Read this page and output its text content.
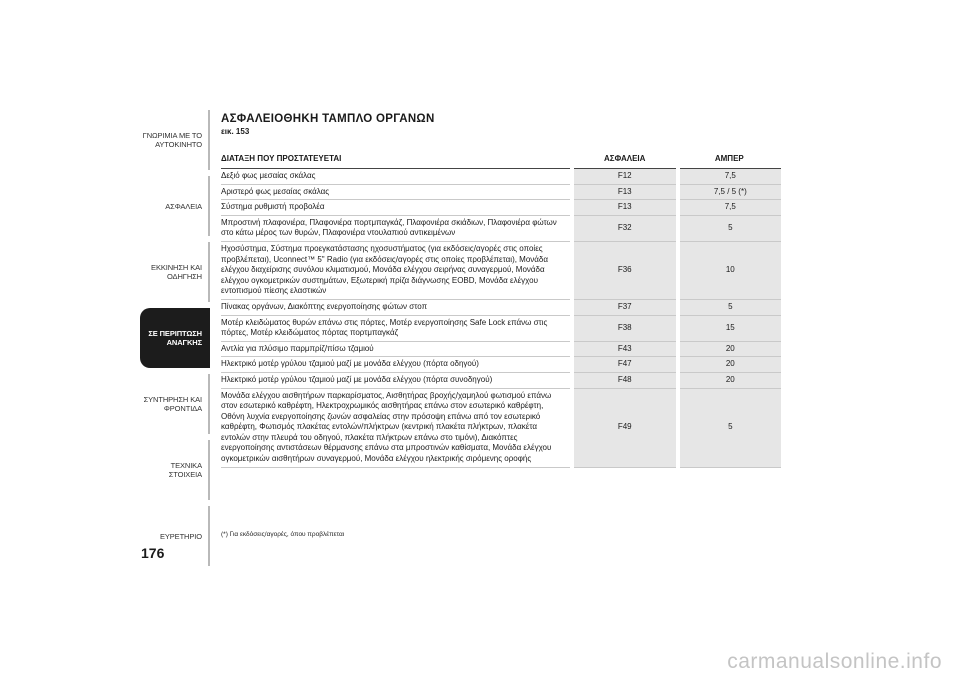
ΓΝΩΡΙΜΙΑ ΜΕ ΤΟ ΑΥΤΟΚΙΝΗΤΟ
ΑΣΦΑΛΕΙΑ
ΕΚΚΙΝΗΣΗ ΚΑΙ ΟΔΗΓΗΣΗ
ΣΕ ΠΕΡΙΠΤΩΣΗ ΑΝΑΓΚΗΣ
ΣΥΝΤΗΡΗΣΗ ΚΑΙ ΦΡΟΝΤΙΔΑ
ΤΕΧΝΙΚΑ ΣΤΟΙΧΕΙΑ
ΕΥΡΕΤΗΡΙΟ
176
ΑΣΦΑΛΕΙΟΘΗΚΗ ΤΑΜΠΛΟ ΟΡΓΑΝΩΝ
εικ. 153
ΔΙΑΤΑΞΗ ΠΟΥ ΠΡΟΣΤΑΤΕΥΕΤΑΙ	ΑΣΦΑΛΕΙΑ	ΑΜΠΕΡ
Δεξιό φως μεσαίας σκάλας	F12	7,5
Αριστερό φως μεσαίας σκάλας	F13	7,5 / 5 (*)
Σύστημα ρυθμιστή προβολέα	F13	7,5
Μπροστινή πλαφονιέρα, Πλαφονιέρα πορτμπαγκάζ, Πλαφονιέρα σκιάδιων, Πλαφονιέρα φώτων στο κάτω μέρος των θυρών, Πλαφονιέρα ντουλαπιού αντικειμένων	F32	5
Ηχοσύστημα, Σύστημα προεγκατάστασης ηχοσυστήματος (για εκδόσεις/αγορές στις οποίες προβλέπεται), Uconnect™ 5" Radio (για εκδόσεις/αγορές στις οποίες προβλέπεται), Μονάδα ελέγχου διαχείρισης συνόλου κλιματισμού, Μονάδα ελέγχου σειρήνας συναγερμού, Μονάδα ελέγχου ογκομετρικών συστημάτων, Εξωτερική πρίζα διάγνωσης EOBD, Μονάδα ελέγχου εντοπισμού πίεσης ελαστικών	F36	10
Πίνακας οργάνων, Διακόπτης ενεργοποίησης φώτων στοπ	F37	5
Μοτέρ κλειδώματος θυρών επάνω στις πόρτες, Μοτέρ ενεργοποίησης Safe Lock επάνω στις πόρτες, Μοτέρ κλειδώματος πόρτας πορτμπαγκάζ	F38	15
Αντλία για πλύσιμο παρμπρίζ/πίσω τζαμιού	F43	20
Ηλεκτρικό μοτέρ γρύλου τζαμιού μαζί με μονάδα ελέγχου (πόρτα οδηγού)	F47	20
Ηλεκτρικό μοτέρ γρύλου τζαμιού μαζί με μονάδα ελέγχου (πόρτα συνοδηγού)	F48	20
Μονάδα ελέγχου αισθητήρων παρκαρίσματος, Αισθητήρας βροχής/χαμηλού φωτισμού επάνω στον εσωτερικό καθρέφτη, Ηλεκτροχρωμικός αισθητήρας επάνω στον εσωτερικό καθρέφτη, Οθόνη λυχνία ενεργοποίησης ζωνών ασφαλείας στην πρόσοψη επάνω από τον εσωτερικό καθρέφτη, Φωτισμός πλακέτας εντολών/πλήκτρων (κεντρική πλακέτα πλήκτρων, πλακέτα εντολών στην πλευρά του οδηγού, πλακέτα πλήκτρων επάνω στο τιμόνι), Διακόπτες ενεργοποίησης αντιστάσεων θέρμανσης επάνω στα μπροστινών καθίσματα, Μονάδα ελέγχου ογκομετρικών αισθητήρων συναγερμού, Μονάδα ελέγχου ηλεκτρικής σιρόμενης οροφής	F49	5
(*) Για εκδόσεις/αγορές, όπου προβλέπεται
carmanualsonline.info
